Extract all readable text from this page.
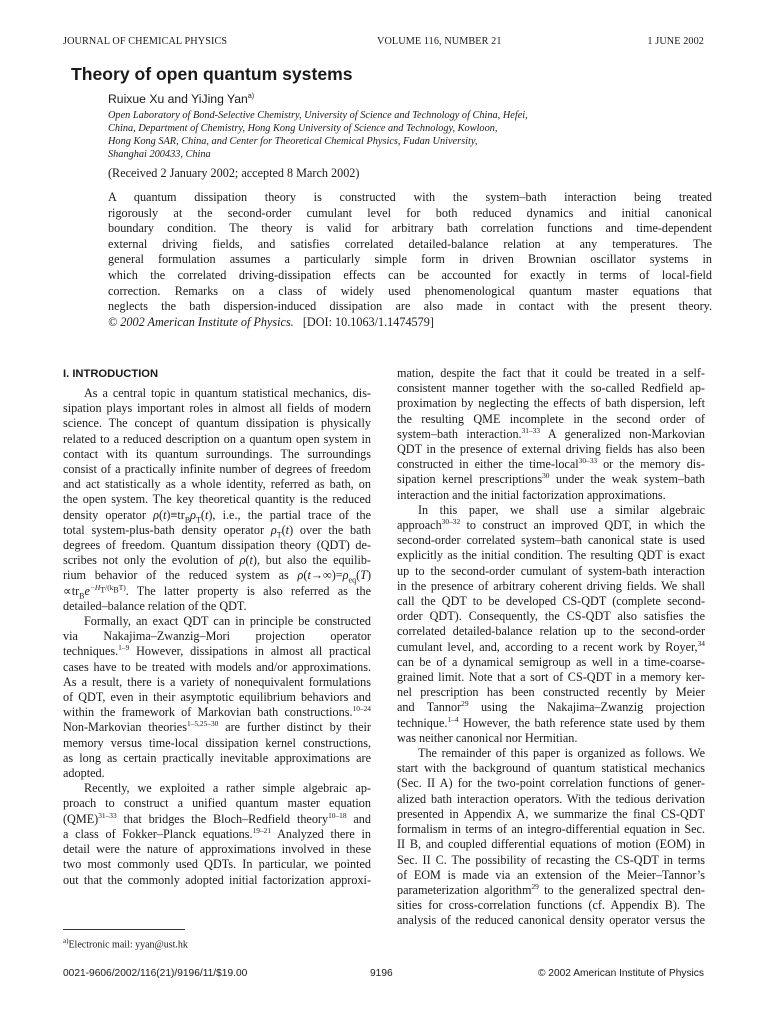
JOURNAL OF CHEMICAL PHYSICS	VOLUME 116, NUMBER 21	1 JUNE 2002
Theory of open quantum systems
Ruixue Xu and YiJing Yan$^{a)}$
Open Laboratory of Bond-Selective Chemistry, University of Science and Technology of China, Hefei,
China, Department of Chemistry, Hong Kong University of Science and Technology, Kowloon,
Hong Kong SAR, China, and Center for Theoretical Chemical Physics, Fudan University,
Shanghai 200433, China
(Received 2 January 2002; accepted 8 March 2002)
A quantum dissipation theory is constructed with the system–bath interaction being treated
rigorously at the second-order cumulant level for both reduced dynamics and initial canonical
boundary condition. The theory is valid for arbitrary bath correlation functions and time-dependent
external driving fields, and satisfies correlated detailed-balance relation at any temperatures. The
general formulation assumes a particularly simple form in driven Brownian oscillator systems in
which the correlated driving-dissipation effects can be accounted for exactly in terms of local-field
correction. Remarks on a class of widely used phenomenological quantum master equations that
neglects the bath dispersion-induced dissipation are also made in contact with the present theory.
© 2002 American Institute of Physics. [DOI: 10.1063/1.1474579]
I. INTRODUCTION
As a central topic in quantum statistical mechanics, dis-
sipation plays important roles in almost all fields of modern
science. The concept of quantum dissipation is physically
related to a reduced description on a quantum open system in
contact with its quantum surroundings. The surroundings
consist of a practically infinite number of degrees of freedom
and act statistically as a whole identity, referred as bath, on
the open system. The key theoretical quantity is the reduced
density operator $\rho(t)\equiv tr_B\rho_T(t)$, i.e., the partial trace of the
total system-plus-bath density operator $\rho_T(t)$ over the bath
degrees of freedom. Quantum dissipation theory (QDT) de-
scribes not only the evolution of ρ(t), but also the equilib-
rium behavior of the reduced system as $\rho(t\to\infty)=\rho_{eq}(T)$
$\propto tr_Be^{-H_T/(k_BT)}$. The latter property is also referred as the
detailed–balance relation of the QDT.
Formally, an exact QDT can in principle be constructed
via Nakajima–Zwanzig–Mori projection operator
techniques.$^{1-9}$ However, dissipations in almost all practical
cases have to be treated with models and/or approximations.
As a result, there is a variety of nonequivalent formulations
of QDT, even in their asymptotic equilibrium behaviors and
within the framework of Markovian bath constructions.$^{10-24}$
Non-Markovian theories$^{1-5,25-30}$ are further distinct by their
memory versus time-local dissipation kernel constructions,
as long as certain practically inevitable approximations are
adopted.
Recently, we exploited a rather simple algebraic ap-
proach to construct a unified quantum master equation
(QME)$^{31-33}$ that bridges the Bloch–Redfield theory$^{10-18}$ and
a class of Fokker–Planck equations.$^{19-21}$ Analyzed there in
detail were the nature of approximations involved in these
two most commonly used QDTs. In particular, we pointed
out that the commonly adopted initial factorization approxi-
mation, despite the fact that it could be treated in a self-
consistent manner together with the so-called Redfield ap-
proximation by neglecting the effects of bath dispersion, left
the resulting QME incomplete in the second order of
system–bath interaction.$^{31-33}$ A generalized non-Markovian
QDT in the presence of external driving fields has also been
constructed in either the time-local$^{30-33}$ or the memory dis-
sipation kernel prescriptions$^{30}$ under the weak system–bath
interaction and the initial factorization approximations.
In this paper, we shall use a similar algebraic
approach$^{30-32}$ to construct an improved QDT, in which the
second-order correlated system–bath canonical state is used
explicitly as the initial condition. The resulting QDT is exact
up to the second-order cumulant of system-bath interaction
in the presence of arbitrary coherent driving fields. We shall
call the QDT to be developed CS-QDT (complete second-
order QDT). Consequently, the CS-QDT also satisfies the
correlated detailed-balance relation up to the second-order
cumulant level, and, according to a recent work by Royer,$^{34}$
can be of a dynamical semigroup as well in a time-coarse-
grained limit. Note that a sort of CS-QDT in a memory ker-
nel prescription has been constructed recently by Meier
and Tannor$^{29}$ using the Nakajima–Zwanzig projection
technique.$^{1-4}$ However, the bath reference state used by them
was neither canonical nor Hermitian.
The remainder of this paper is organized as follows. We
start with the background of quantum statistical mechanics
(Sec. II A) for the two-point correlation functions of gener-
alized bath interaction operators. With the tedious derivation
presented in Appendix A, we summarize the final CS-QDT
formalism in terms of an integro-differential equation in Sec.
II B, and coupled differential equations of motion (EOM) in
Sec. II C. The possibility of recasting the CS-QDT in terms
of EOM is made via an extension of the Meier–Tannor’s
parameterization algorithm$^{29}$ to the generalized spectral den-
sities for cross-correlation functions (cf. Appendix B). The
analysis of the reduced canonical density operator versus the
$^{a)}$Electronic mail: yyan@ust.hk
0021-9606/2002/116(21)/9196/11/$19.00	9196	© 2002 American Institute of Physics
